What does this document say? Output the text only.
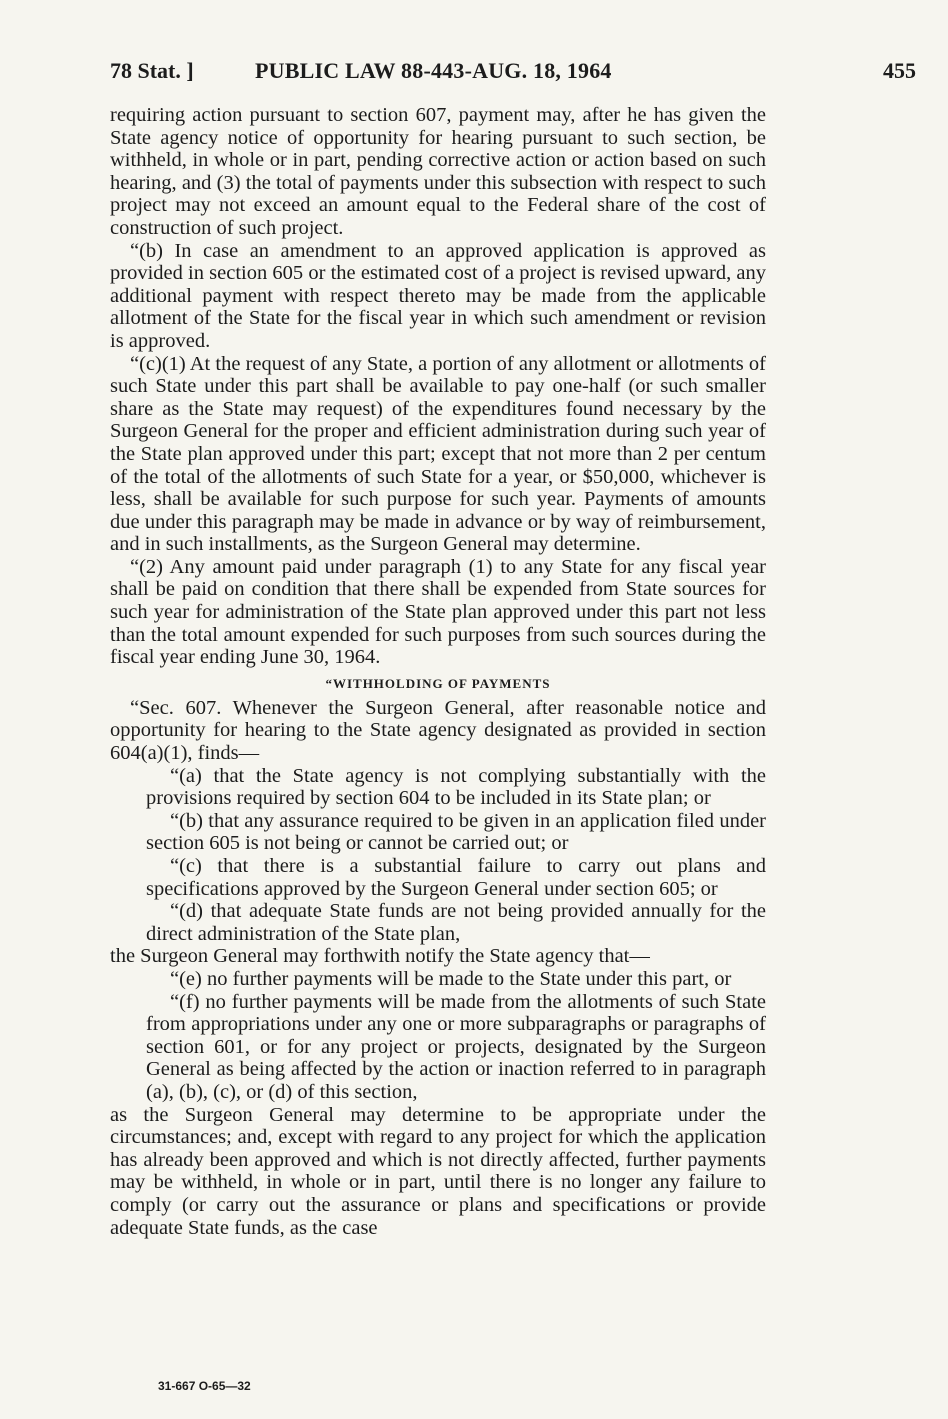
78 Stat. ]	PUBLIC LAW 88-443-AUG. 18, 1964	455

requiring action pursuant to section 607, payment may, after he has given the State agency notice of opportunity for hearing pursuant to such section, be withheld, in whole or in part, pending corrective action or action based on such hearing, and (3) the total of payments under this subsection with respect to such project may not exceed an amount equal to the Federal share of the cost of construction of such project.

“(b) In case an amendment to an approved application is approved as provided in section 605 or the estimated cost of a project is revised upward, any additional payment with respect thereto may be made from the applicable allotment of the State for the fiscal year in which such amendment or revision is approved.

“(c)(1) At the request of any State, a portion of any allotment or allotments of such State under this part shall be available to pay one-half (or such smaller share as the State may request) of the expenditures found necessary by the Surgeon General for the proper and efficient administration during such year of the State plan approved under this part; except that not more than 2 per centum of the total of the allotments of such State for a year, or $50,000, whichever is less, shall be available for such purpose for such year. Payments of amounts due under this paragraph may be made in advance or by way of reimbursement, and in such installments, as the Surgeon General may determine.

“(2) Any amount paid under paragraph (1) to any State for any fiscal year shall be paid on condition that there shall be expended from State sources for such year for administration of the State plan approved under this part not less than the total amount expended for such purposes from such sources during the fiscal year ending June 30, 1964.

“WITHHOLDING OF PAYMENTS

“Sec. 607. Whenever the Surgeon General, after reasonable notice and opportunity for hearing to the State agency designated as provided in section 604(a)(1), finds—

“(a) that the State agency is not complying substantially with the provisions required by section 604 to be included in its State plan; or

“(b) that any assurance required to be given in an application filed under section 605 is not being or cannot be carried out; or

“(c) that there is a substantial failure to carry out plans and specifications approved by the Surgeon General under section 605; or

“(d) that adequate State funds are not being provided annually for the direct administration of the State plan,

the Surgeon General may forthwith notify the State agency that—

“(e) no further payments will be made to the State under this part, or

“(f) no further payments will be made from the allotments of such State from appropriations under any one or more subparagraphs or paragraphs of section 601, or for any project or projects, designated by the Surgeon General as being affected by the action or inaction referred to in paragraph (a), (b), (c), or (d) of this section,

as the Surgeon General may determine to be appropriate under the circumstances; and, except with regard to any project for which the application has already been approved and which is not directly affected, further payments may be withheld, in whole or in part, until there is no longer any failure to comply (or carry out the assurance or plans and specifications or provide adequate State funds, as the case

31-667 O-65—32
